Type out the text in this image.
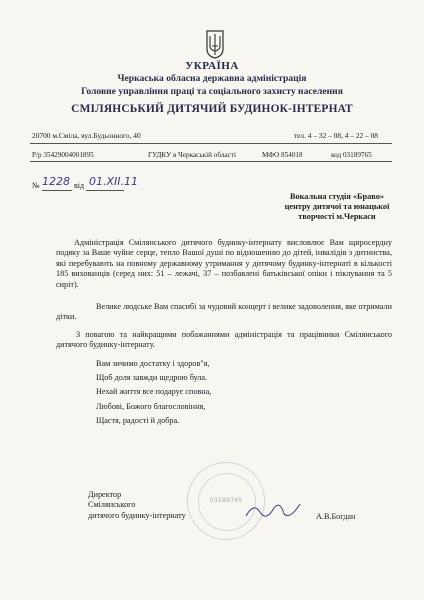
УКРАЇНА
Черкаська обласна державна адміністрація
Головне управління праці та соціального захисту населення
СМІЛЯНСЬКИЙ ДИТЯЧИЙ БУДИНОК-ІНТЕРНАТ
20700 м.Сміла, вул.Будьонного, 40	тел. 4 – 32 – 08, 4 – 22 – 08
Р/р 35429004001895	ГУДКУ в Черкаській області	МФО 854018	код 03189765
№	від
1228 01.XII.11
Вокальна студія «Браво»
центру дитячої та юнацької
творчості м.Черкаси
Адміністрація Смілянського дитячого будинку-інтернату висловлює Вам щиросердну подяку за Ваше чуйне серце, тепло Вашої душі по відношенню до дітей, інвалідів з дитинства, які перебувають на повному державному утримання у дитячому будинку-інтернаті в кількості 185 вихованців (серед них: 51 – лежачі, 37 – позбавлені батьківської опіки і піклування та 5 сиріт).
Велике людське Вам спасибі за чудовий концерт і велике задоволення, яке отримали дітки.
З повагою та найкращими побажаннями адміністрація та працівники Смілянського дитячого будинку-інтернату.
Вам зичимо достатку і здоров"я,
Щоб доля завжди щедрою була.
Нехай життя все подарує сповна,
Любові, Божого благословіння,
Щастя, радості й добра.
03189765
Директор
Смілянського
дитячого будинку-інтернату	А.В.Богдан
